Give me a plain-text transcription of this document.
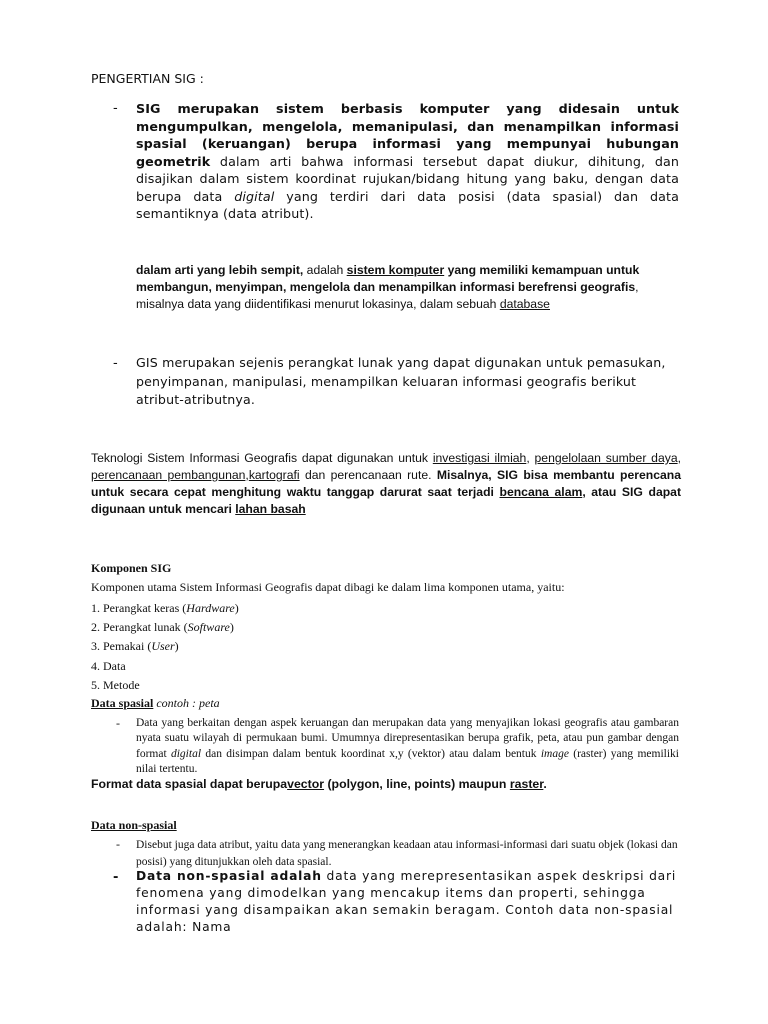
PENGERTIAN SIG :
- SIG merupakan sistem berbasis komputer yang didesain untuk mengumpulkan, mengelola, memanipulasi, dan menampilkan informasi spasial (keruangan) berupa informasi yang mempunyai hubungan geometrik dalam arti bahwa informasi tersebut dapat diukur, dihitung, dan disajikan dalam sistem koordinat rujukan/bidang hitung yang baku, dengan data berupa data digital yang terdiri dari data posisi (data spasial) dan data semantiknya (data atribut).
dalam arti yang lebih sempit, adalah sistem komputer yang memiliki kemampuan untuk membangun, menyimpan, mengelola dan menampilkan informasi berefrensi geografis, misalnya data yang diidentifikasi menurut lokasinya, dalam sebuah database
- GIS merupakan sejenis perangkat lunak yang dapat digunakan untuk pemasukan, penyimpanan, manipulasi, menampilkan keluaran informasi geografis berikut atribut-atributnya.
Teknologi Sistem Informasi Geografis dapat digunakan untuk investigasi ilmiah, pengelolaan sumber daya, perencanaan pembangunan,kartografi dan perencanaan rute. Misalnya, SIG bisa membantu perencana untuk secara cepat menghitung waktu tanggap darurat saat terjadi bencana alam, atau SIG dapat digunaan untuk mencari lahan basah
Komponen SIG
Komponen utama Sistem Informasi Geografis dapat dibagi ke dalam lima komponen utama, yaitu:
1. Perangkat keras (Hardware)
2. Perangkat lunak (Software)
3. Pemakai (User)
4. Data
5. Metode
Data spasial contoh : peta
- Data yang berkaitan dengan aspek keruangan dan merupakan data yang menyajikan lokasi geografis atau gambaran nyata suatu wilayah di permukaan bumi. Umumnya direpresentasikan berupa grafik, peta, atau pun gambar dengan format digital dan disimpan dalam bentuk koordinat x,y (vektor) atau dalam bentuk image (raster) yang memiliki nilai tertentu.
Format data spasial dapat berupavector (polygon, line, points) maupun raster.
Data non-spasial
- Disebut juga data atribut, yaitu data yang menerangkan keadaan atau informasi-informasi dari suatu objek (lokasi dan posisi) yang ditunjukkan oleh data spasial.
- Data non-spasial adalah data yang merepresentasikan aspek deskripsi dari fenomena yang dimodelkan yang mencakup items dan properti, sehingga informasi yang disampaikan akan semakin beragam. Contoh data non-spasial adalah: Nama
